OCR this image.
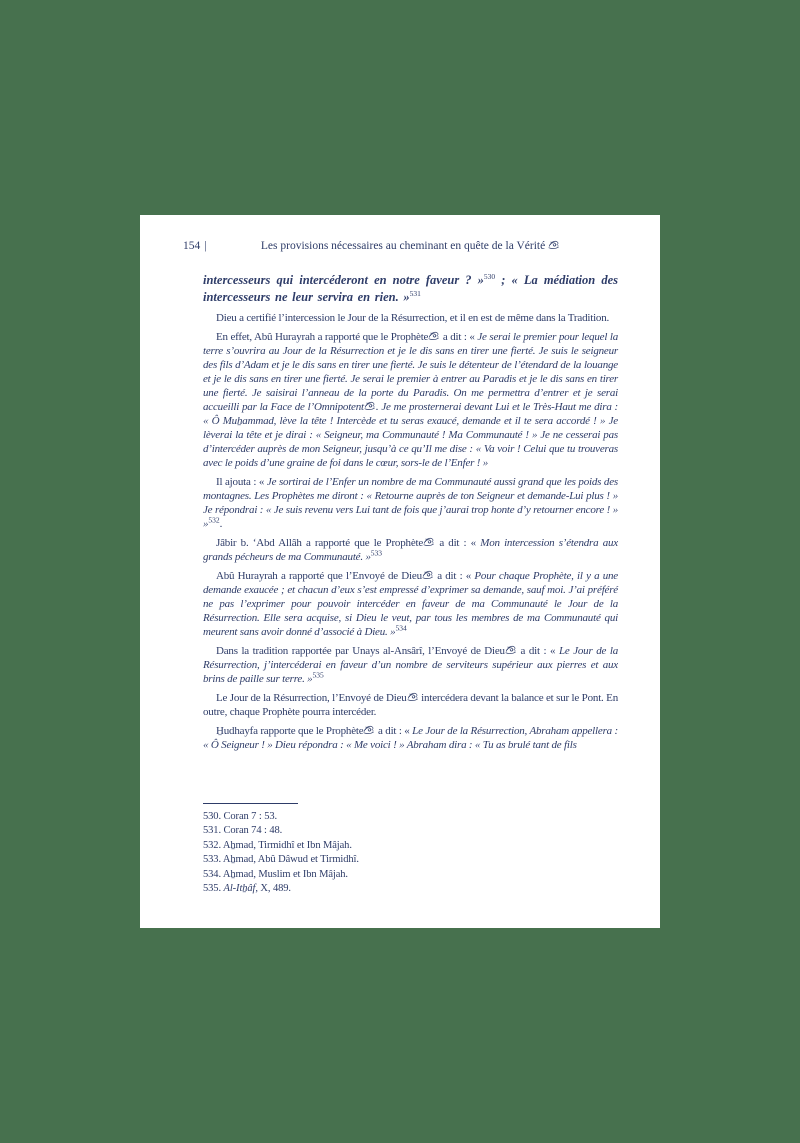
154 |	Les provisions nécessaires au cheminant en quête de la Vérité

intercesseurs qui intercéderont en notre faveur ? »$^{530}$ ; « La médiation des intercesseurs ne leur servira en rien. »$^{531}$

Dieu a certifié l’intercession le Jour de la Résurrection, et il en est de même dans la Tradition.

En effet, Abû Hurayrah a rapporté que le Prophète a dit : « Je serai le premier pour lequel la terre s’ouvrira au Jour de la Résurrection et je le dis sans en tirer une fierté. Je suis le seigneur des fils d’Adam et je le dis sans en tirer une fierté. Je suis le détenteur de l’étendard de la louange et je le dis sans en tirer une fierté. Je serai le premier à entrer au Paradis et je le dis sans en tirer une fierté. Je saisirai l’anneau de la porte du Paradis. On me permettra d’entrer et je serai accueilli par la Face de l’Omnipotent . Je me prosternerai devant Lui et le Très-Haut me dira : « Ô Muẖammad, lève la tête ! Intercède et tu seras exaucé, demande et il te sera accordé ! » Je lèverai la tête et je dirai : « Seigneur, ma Communauté ! Ma Communauté ! » Je ne cesserai pas d’intercéder auprès de mon Seigneur, jusqu’à ce qu’Il me dise : « Va voir ! Celui que tu trouveras avec le poids d’une graine de foi dans le cœur, sors-le de l’Enfer ! »

Il ajouta : « Je sortirai de l’Enfer un nombre de ma Communauté aussi grand que les poids des montagnes. Les Prophètes me diront : « Retourne auprès de ton Seigneur et demande-Lui plus ! » Je répondrai : « Je suis revenu vers Lui tant de fois que j’aurai trop honte d’y retourner encore ! » »$^{532}$.

Jâbir b. ‘Abd Allâh a rapporté que le Prophète a dit : « Mon intercession s’étendra aux grands pécheurs de ma Communauté. »$^{533}$

Abû Hurayrah a rapporté que l’Envoyé de Dieu a dit : « Pour chaque Prophète, il y a une demande exaucée ; et chacun d’eux s’est empressé d’exprimer sa demande, sauf moi. J’ai préféré ne pas l’exprimer pour pouvoir intercéder en faveur de ma Communauté le Jour de la Résurrection. Elle sera acquise, si Dieu le veut, par tous les membres de ma Communauté qui meurent sans avoir donné d’associé à Dieu. »$^{534}$

Dans la tradition rapportée par Unays al-Ansârî, l’Envoyé de Dieu a dit : « Le Jour de la Résurrection, j’intercéderai en faveur d’un nombre de serviteurs supérieur aux pierres et aux brins de paille sur terre. »$^{535}$

Le Jour de la Résurrection, l’Envoyé de Dieu intercédera devant la balance et sur le Pont. En outre, chaque Prophète pourra intercéder.

H̱udhayfa rapporte que le Prophète a dit : « Le Jour de la Résurrection, Abraham appellera : « Ô Seigneur ! » Dieu répondra : « Me voici ! » Abraham dira : « Tu as brulé tant de fils

530. Coran 7 : 53.
531. Coran 74 : 48.
532. Aẖmad, Tirmidhî et Ibn Mâjah.
533. Aẖmad, Abû Dâwud et Tirmidhî.
534. Aẖmad, Muslim et Ibn Mâjah.
535. Al-Itẖâf, X, 489.
